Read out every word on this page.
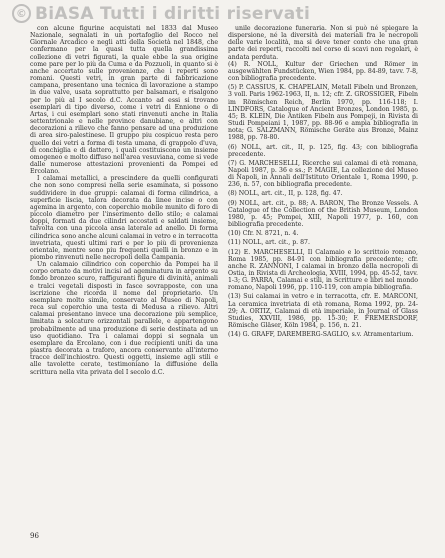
© BiASA Tutti i diritti riservati

con alcune figurine acquistati nel 1833 dal Museo Nazionale, segnalati in un portafoglio del Rocco nel Giornale Arcadico e negli atti della Società nel 1848, che confermano per la quasi tutta quella grandissima collezione di vetri figurati, la quale ebbe la sua origine come pare per lo più da Cuma e da Pozzuoli, in quanto si è anche accertato sulle provenienze, che i reperti sono romani. Questi vetri, in gran parte di fabbricazione campana, presentano una tecnica di lavorazione a stampo in due valve, usata soprattutto per balsamari, e risalgono per lo più al I secolo d.C. Accanto ad essi si trovano esemplari di tipo diverso, come i vetri di Ennione o di Artas, i cui esemplari sono stati rinvenuti anche in Italia settentrionale e nelle province danubiane, e altri con decorazioni a rilievo che fanno pensare ad una produzione di area siro-palestinese. Il gruppo piu cospicuo resta pero quello dei vetri a forma di testa umana, di grappolo d'uva, di conchiglia e di dattero, i quali costituiscono un insieme omogeneo e molto diffuso nell'area vesuviana, come si vede dalle numerose attestazioni provenienti da Pompei ed Ercolano.

I calamai metallici, a prescindere da quelli configurati che non sono compresi nella serie esaminata, si possono suddividere in due gruppi: calamai di forma cilindrica, a superficie liscia, talora decorata da linee incise o con agemina in argento, con coperchio mobile munito di foro di piccolo diametro per l'inserimento dello stilo; e calamai doppi, formati da due cilindri accostati e saldati insieme, talvolta con una piccola ansa laterale ad anello. Di forma cilindrica sono anche alcuni calamai in vetro e in terracotta invetriata, questi ultimi rari e per lo più di provenienza orientale, mentre sono piu frequenti quelli in bronzo e in piombo rinvenuti nelle necropoli della Campania.

Un calamaio cilindrico con coperchio da Pompei ha il corpo ornato da motivi incisi ad ageminatura in argento su fondo bronzeo scuro, raffiguranti figure di divinità, animali e tralci vegetali disposti in fasce sovrapposte, con una iscrizione che ricorda il nome del proprietario. Un esemplare molto simile, conservato al Museo di Napoli, reca sul coperchio una testa di Medusa a rilievo. Altri calamai presentano invece una decorazione più semplice, limitata a solcature orizzontali parallele, e appartengono probabilmente ad una produzione di serie destinata ad un uso quotidiano. Tra i calamai doppi si segnala un esemplare da Ercolano, con i due recipienti uniti da una piastra decorata a traforo, ancora conservante all'interno tracce dell'inchiostro. Questi oggetti, insieme agli stili e alle tavolette cerate, testimoniano la diffusione della scrittura nella vita privata del I secolo d.C.

unile decorazione funeraria. Non si può né spiegare la dispersione, né la diversità dei materiali fra le necropoli delle varie località, ma si deve tener conto che una gran parte dei reperti, raccolti nel corso di scavi non regolari, è andata perduta.

(4) R. NOLL, Kultur der Griechen und Römer in ausgewählten Fundstücken, Wien 1984, pp. 84-89, tavv. 7-8, con bibliografia precedente.

(5) P. CASSIUS, K. CHAPELAIN, Metall Fibeln und Bronzen, 3 voll. Paris 1962-1963, II, n. 12; cfr. Z. GROSSIGER, Fibeln im Römischen Reich, Berlin 1970, pp. 116-118; I. LINDFORS, Catalogue of Ancient Bronzes, London 1985, p. 45; B. KLEIN, Die Antiken Fibeln aus Pompeji, in Rivista di Studi Pompeiani 1, 1987, pp. 88-96 e ampia bibliografia in nota; G. SALZMANN, Römische Geräte aus Bronze, Mainz 1988, pp. 78-80.

(6) NOLL, art. cit., II, p. 125, fig. 43; con bibliografia precedente.

(7) G. MARCHESELLI, Ricerche sui calamai di età romana, Napoli 1987, p. 36 e ss.; P. MAGIE, La collezione del Museo di Napoli, in Annali dell'Istituto Orientale 1, Roma 1990, p. 236, n. 57, con bibliografia precedente.

(8) NOLL, art. cit., II, p. 128, fig. 47.

(9) NOLL, art. cit., p. 88; A. BARON, The Bronze Vessels. A Catalogue of the Collection of the British Museum, London 1980, p. 45; Pompei, XIII, Napoli 1977, p. 160, con bibliografia precedente.

(10) Cfr. N. 8721, n. 4.

(11) NOLL, art. cit., p. 87.

(12) E. MARCHESELLI, Il Calamaio e lo scrittoio romano, Roma 1985, pp. 84-91 con bibliografia precedente; cfr. anche R. ZANNONI, I calamai in bronzo della necropoli di Ostia, in Rivista di Archeologia, XVIII, 1994, pp. 45-52, tavv. 1-3; G. PARRA, Calamai e stili, in Scritture e libri nel mondo romano, Napoli 1996, pp. 110-119, con ampia bibliografia.

(13) Sui calamai in vetro e in terracotta, cfr. E. MARCONI, La ceramica invetriata di età romana, Roma 1992, pp. 24-29; A. ORTIZ, Calamai di età imperiale, in Journal of Glass Studies, XXVIII, 1986, pp. 15-30; F. FREMERSDORF, Römische Gläser, Köln 1984, p. 156, n. 21.

(14) G. GRAFF, DAREMBERG-SAGLIO, s.v. Atramentarium.

96
